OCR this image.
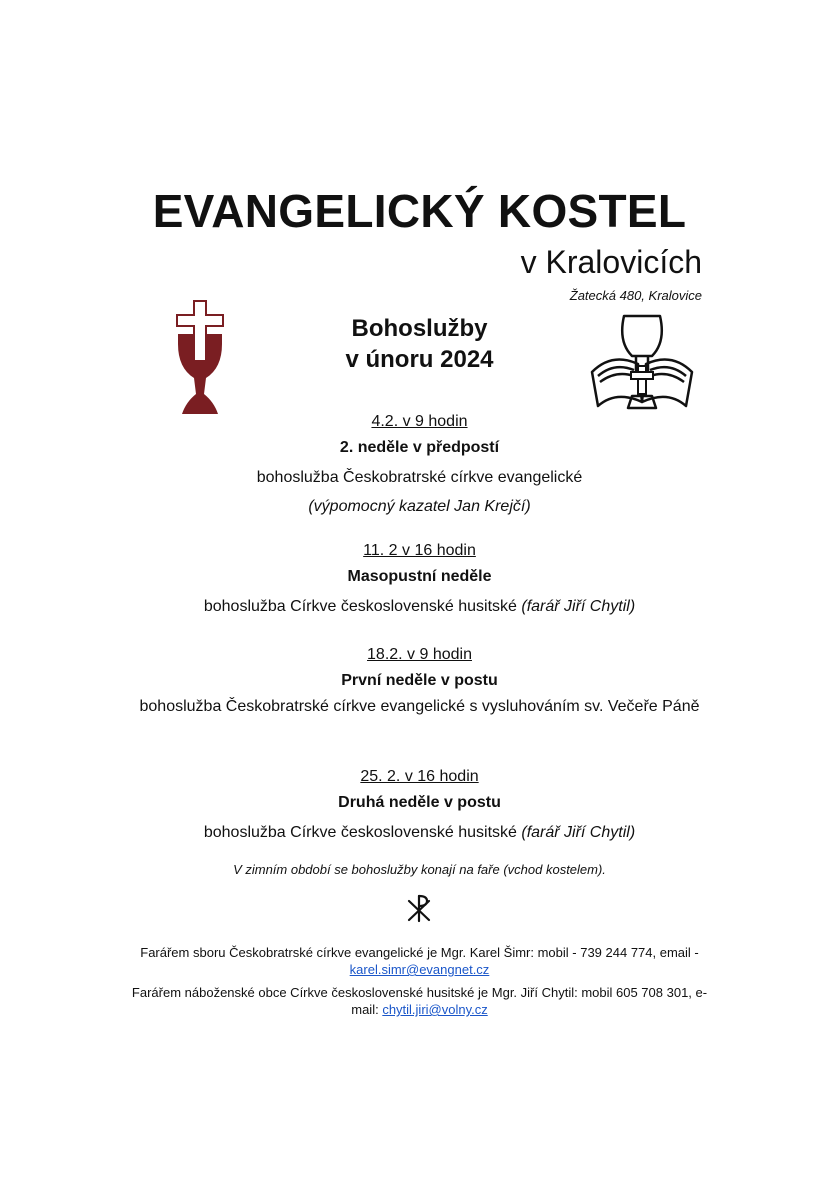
EVANGELICKÝ KOSTEL
v Kralovicích
Žatecká 480, Kralovice
Bohoslužby
v únoru 2024
4.2. v 9 hodin
2. neděle v předpostí
bohoslužba Českobratrské církve evangelické
(výpomocný kazatel Jan Krejčí)
11. 2 v 16 hodin
Masopustní neděle
bohoslužba Církve československé husitské (farář Jiří Chytil)
18.2. v 9 hodin
První neděle v postu
bohoslužba Českobratrské církve evangelické s vysluhováním sv. Večeře Páně
25. 2. v 16 hodin
Druhá neděle v postu
bohoslužba Církve československé husitské (farář Jiří Chytil)
V zimním období se bohoslužby konají na faře (vchod kostelem).

Farářem sboru Českobratrské církve evangelické je Mgr. Karel Šimr: mobil - 739 244 774, email - karel.simr@evangnet.cz

Farářem náboženské obce Církve československé husitské je Mgr. Jiří Chytil: mobil 605 708 301, e-mail: chytil.jiri@volny.cz
